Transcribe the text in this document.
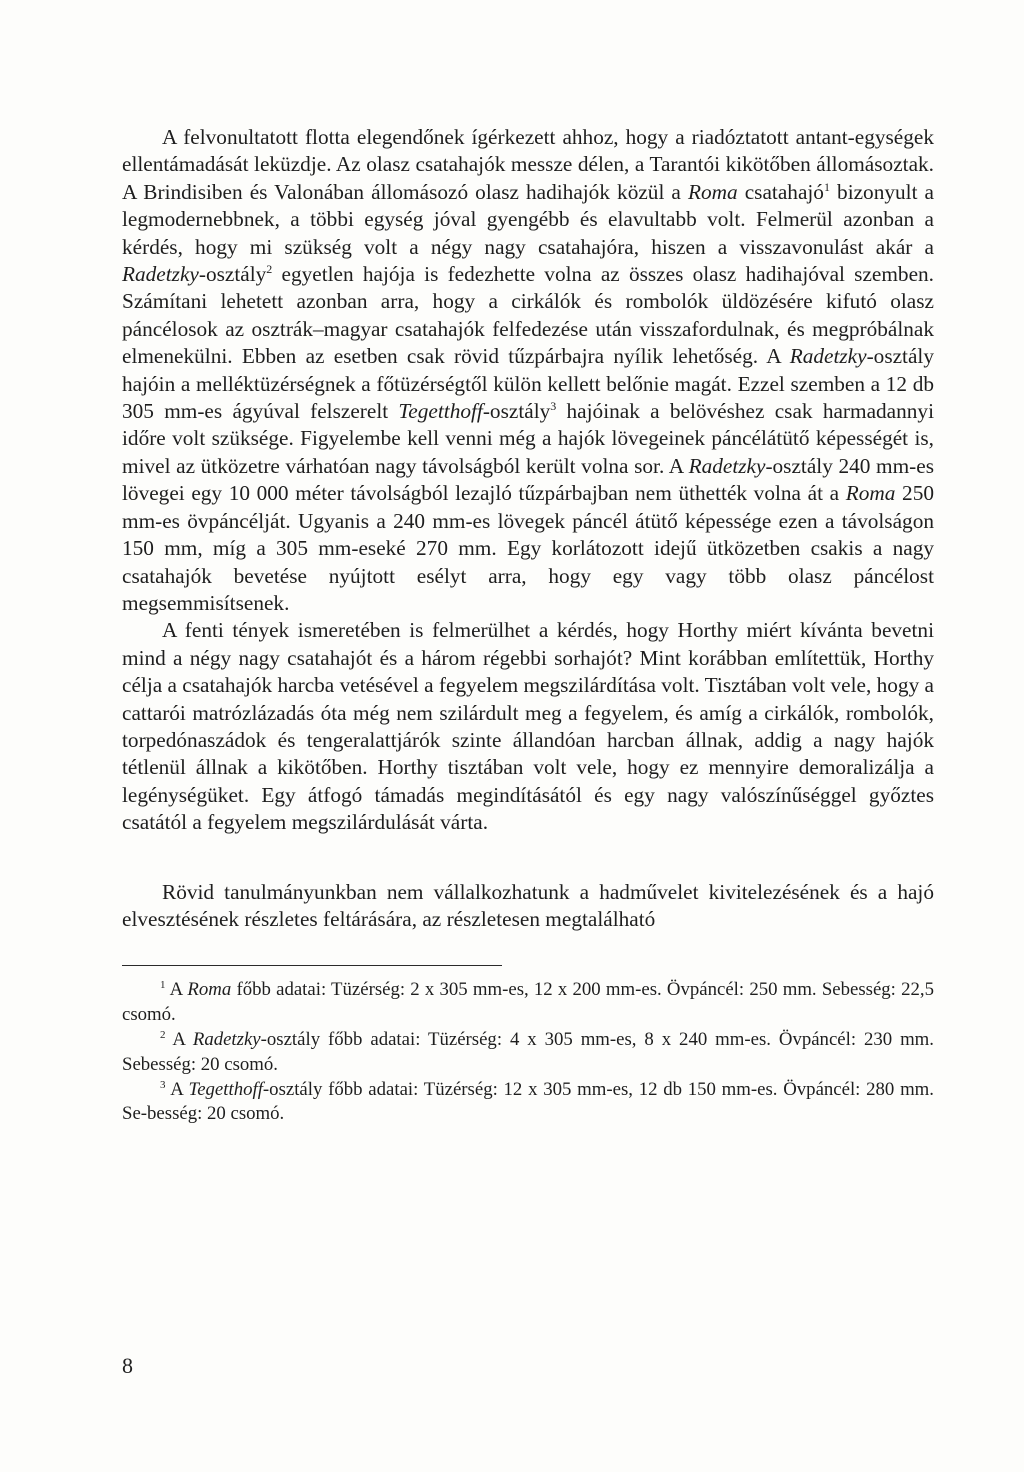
A felvonultatott flotta elegendőnek ígérkezett ahhoz, hogy a riadóztatott antant-egységek ellentámadását leküzdje. Az olasz csatahajók messze délen, a Tarantói kikötőben állomásoztak. A Brindisiben és Valonában állomásozó olasz hadihajók közül a Roma csatahajó$^1$ bizonyult a legmodernebbnek, a többi egység jóval gyengébb és elavultabb volt. Felmerül azonban a kérdés, hogy mi szükség volt a négy nagy csatahajóra, hiszen a visszavonulást akár a Radetzky-osztály$^2$ egyetlen hajója is fedezhette volna az összes olasz hadihajóval szemben. Számítani lehetett azonban arra, hogy a cirkálók és rombolók üldözésére kifutó olasz páncélosok az osztrák–magyar csatahajók felfedezése után visszafordulnak, és megpróbálnak elmenekülni. Ebben az esetben csak rövid tűzpárbajra nyílik lehetőség. A Radetzky-osztály hajóin a melléktüzérségnek a főtüzérségtől külön kellett belőnie magát. Ezzel szemben a 12 db 305 mm-es ágyúval felszerelt Tegetthoff-osztály$^3$ hajóinak a belövéshez csak harmadannyi időre volt szüksége. Figyelembe kell venni még a hajók lövegeinek páncélátütő képességét is, mivel az ütközetre várhatóan nagy távolságból került volna sor. A Radetzky-osztály 240 mm-es lövegei egy 10 000 méter távolságból lezajló tűzpárbajban nem üthették volna át a Roma 250 mm-es övpáncélját. Ugyanis a 240 mm-es lövegek páncél átütő képessége ezen a távolságon 150 mm, míg a 305 mm-eseké 270 mm. Egy korlátozott idejű ütközetben csakis a nagy csatahajók bevetése nyújtott esélyt arra, hogy egy vagy több olasz páncélost megsemmisítsenek.

A fenti tények ismeretében is felmerülhet a kérdés, hogy Horthy miért kívánta bevetni mind a négy nagy csatahajót és a három régebbi sorhajót? Mint korábban említettük, Horthy célja a csatahajók harcba vetésével a fegyelem megszilárdítása volt. Tisztában volt vele, hogy a cattarói matrózlázadás óta még nem szilárdult meg a fegyelem, és amíg a cirkálók, rombolók, torpedónaszádok és tengeralattjárók szinte állandóan harcban állnak, addig a nagy hajók tétlenül állnak a kikötőben. Horthy tisztában volt vele, hogy ez mennyire demoralizálja a legénységüket. Egy átfogó támadás megindításától és egy nagy valószínűséggel győztes csatától a fegyelem megszilárdulását várta.

Rövid tanulmányunkban nem vállalkozhatunk a hadművelet kivitelezésének és a hajó elvesztésének részletes feltárására, az részletesen megtalálható

$^1$ A Roma főbb adatai: Tüzérség: 2 x 305 mm-es, 12 x 200 mm-es. Övpáncél: 250 mm. Sebesség: 22,5 csomó.

$^2$ A Radetzky-osztály főbb adatai: Tüzérség: 4 x 305 mm-es, 8 x 240 mm-es. Övpáncél: 230 mm. Sebesség: 20 csomó.

$^3$ A Tegetthoff-osztály főbb adatai: Tüzérség: 12 x 305 mm-es, 12 db 150 mm-es. Övpáncél: 280 mm. Se-besség: 20 csomó.

8
